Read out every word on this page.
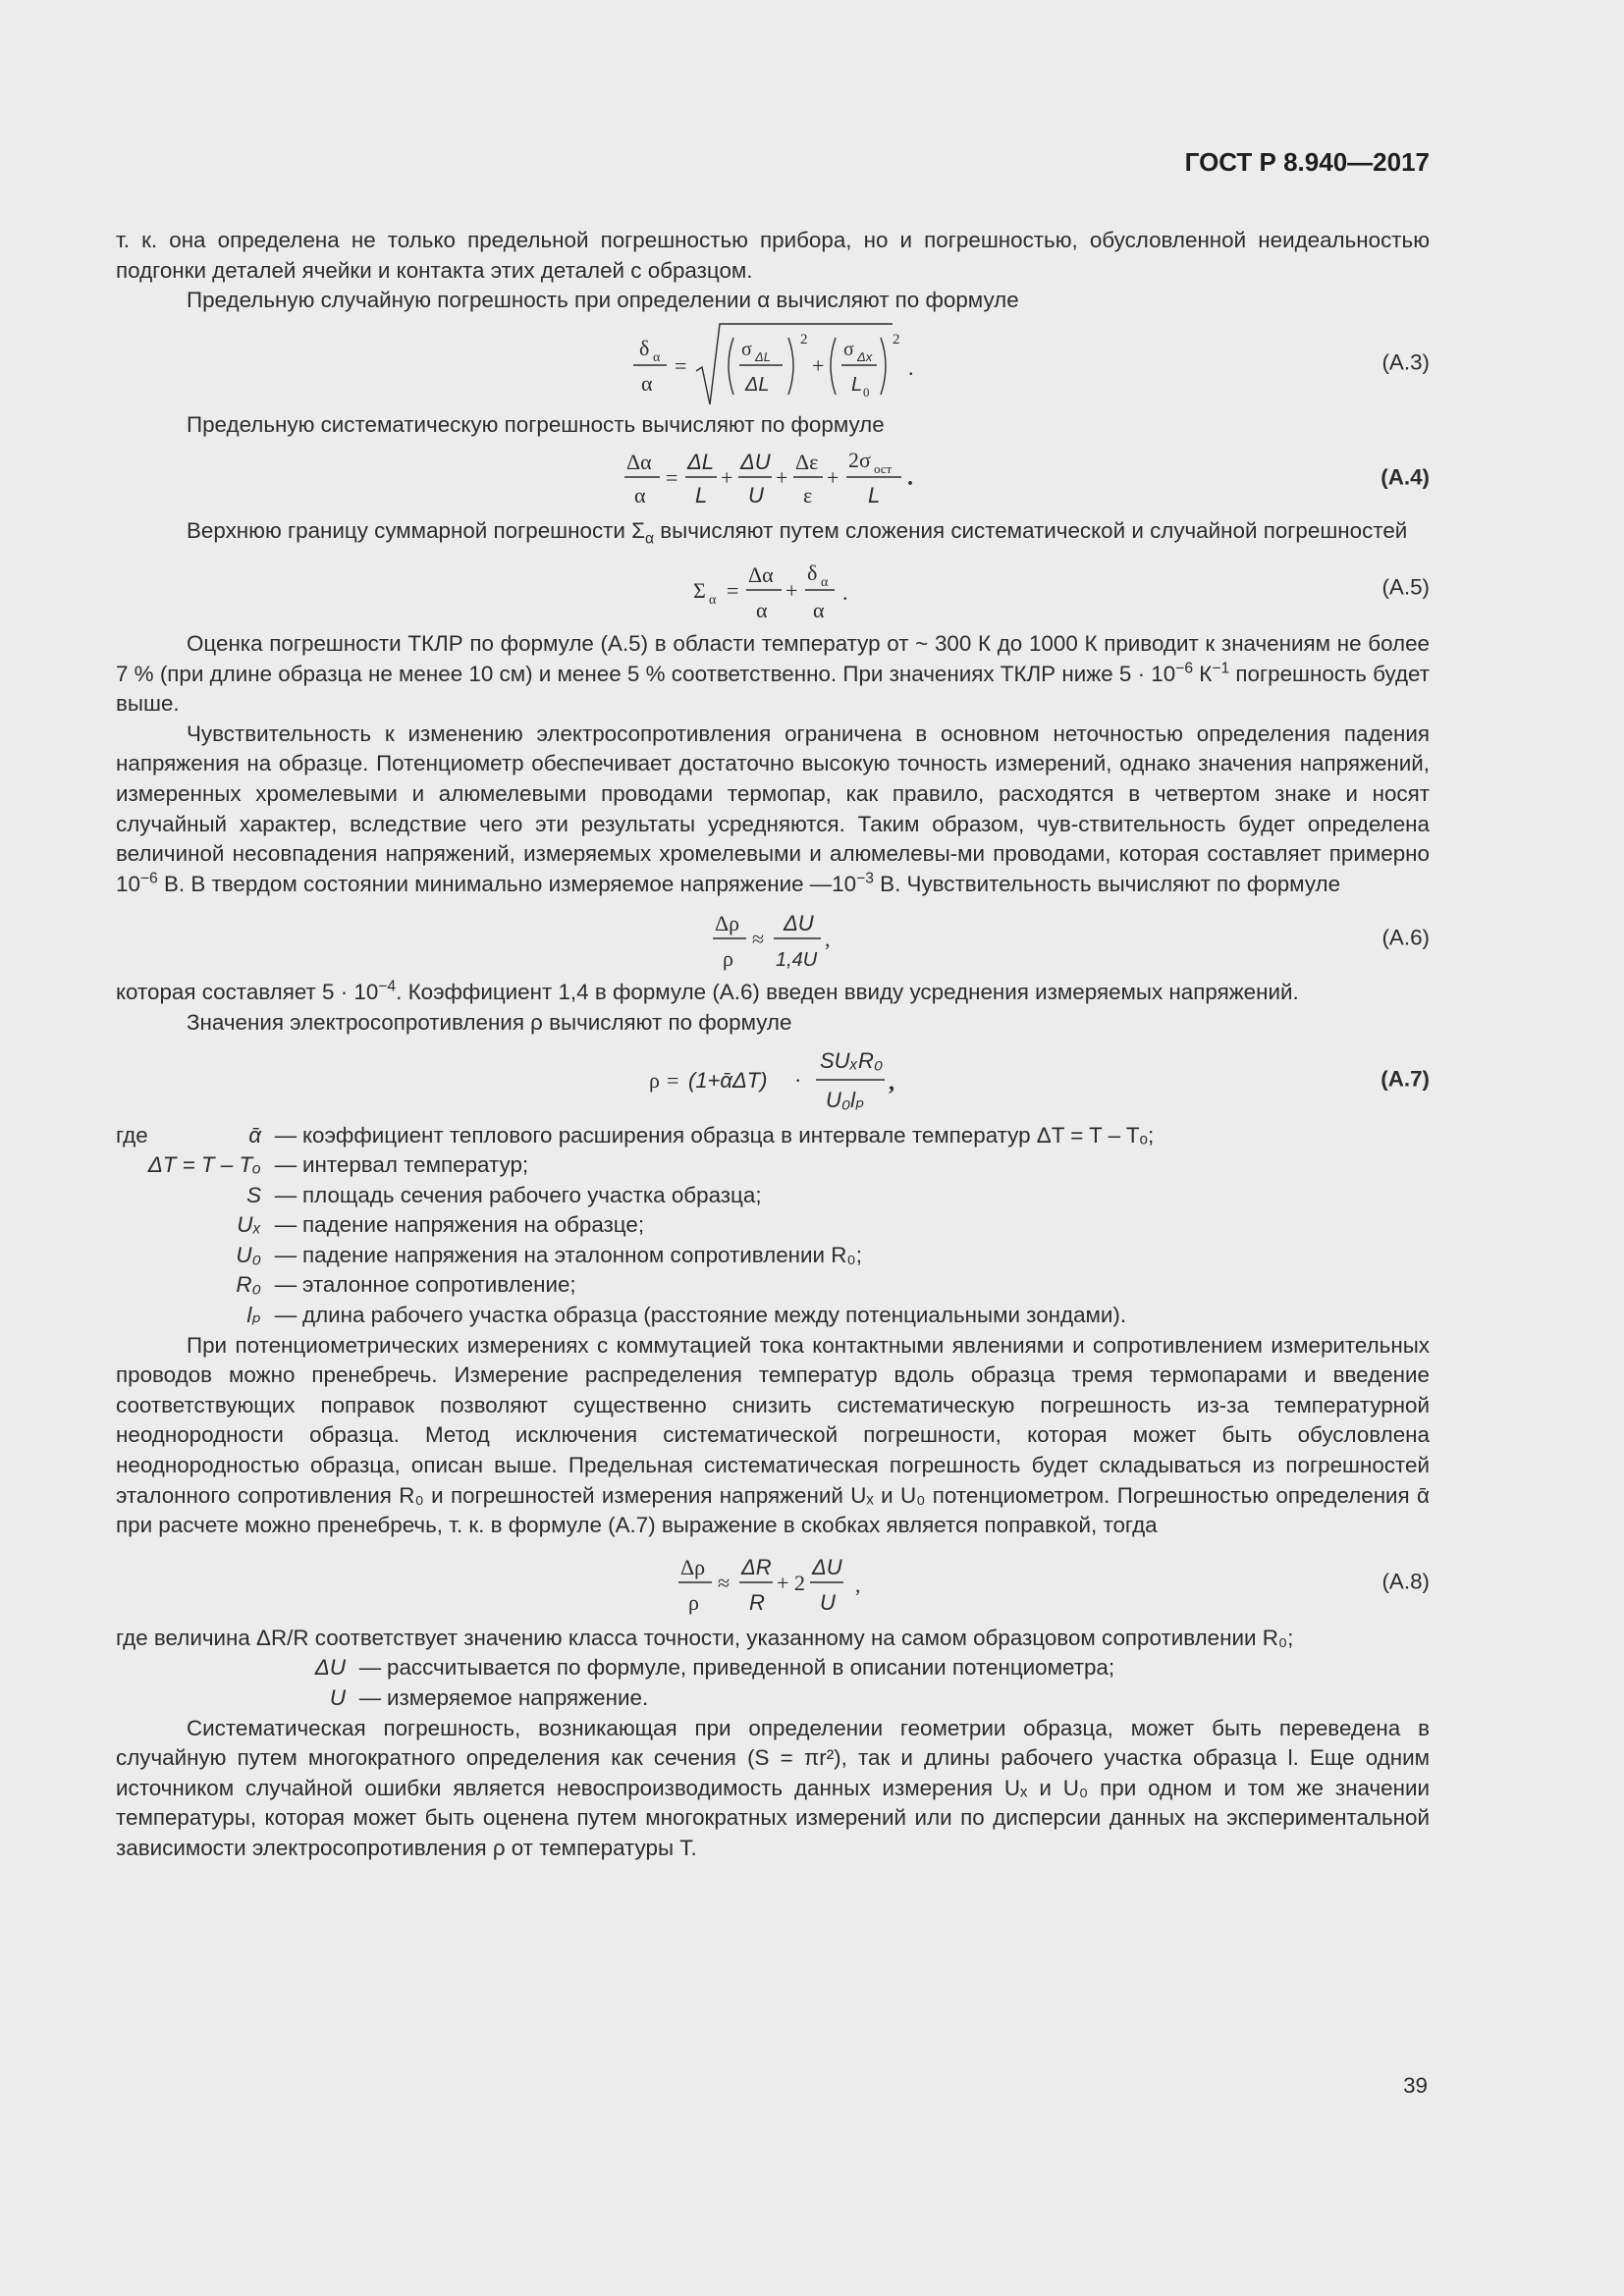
ГОСТ Р 8.940—2017

т. к. она определена не только предельной погрешностью прибора, но и погрешностью, обусловленной неидеальностью подгонки деталей ячейки и контакта этих деталей с образцом.

Предельную случайную погрешность при определении α вычисляют по формуле

δ α
α
=
σ ΔL
ΔL
2
+
σ Δx
L 0
2
.	(А.3)

Предельную систематическую погрешность вычисляют по формуле

Δα
α
=
ΔL
L
+
ΔU
U
+
Δε
ε
+
2σ ост
L
.	(А.4)

Верхнюю границу суммарной погрешности $\Sigma_\alpha$ вычисляют путем сложения систематической и случайной погрешностей

Σ α =
Δα
α
+
δ α
α
.	(А.5)

Оценка погрешности ТКЛР по формуле (А.5) в области температур от ~ 300 К до 1000 К приводит к значениям не более 7 % (при длине образца не менее 10 см) и менее 5 % соответственно. При значениях ТКЛР ниже $5 \cdot 10^{-6}$ $К^{-1}$ погрешность будет выше.

Чувствительность к изменению электросопротивления ограничена в основном неточностью определения падения напряжения на образце. Потенциометр обеспечивает достаточно высокую точность измерений, однако значения напряжений, измеренных хромелевыми и алюмелевыми проводами термопар, как правило, расходятся в четвертом знаке и носят случайный характер, вследствие чего эти результаты усредняются. Таким образом, чув-ствительность будет определена величиной несовпадения напряжений, измеряемых хромелевыми и алюмелевы-ми проводами, которая составляет примерно $10^{-6}$ В. В твердом состоянии минимально измеряемое напряжение $—10^{-3}$ В. Чувствительность вычисляют по формуле

Δρ
ρ
≈
ΔU
1,4U
,	(А.6)

которая составляет $5 \cdot 10^{-4}$. Коэффициент 1,4 в формуле (А.6) введен ввиду усреднения измеряемых напряжений.

Значения электросопротивления ρ вычисляют по формуле

ρ = (1+ᾱΔT) ·
SUₓR₀
U₀lₚ
,	(А.7)
где	ᾱ — коэффициент теплового расширения образца в интервале температур ΔT = T – Tₒ;
ΔT = T – Tₒ — интервал температур;
S — площадь сечения рабочего участка образца;
Uₓ — падение напряжения на образце;
U₀ — падение напряжения на эталонном сопротивлении R₀;
R₀ — эталонное сопротивление;
lₚ — длина рабочего участка образца (расстояние между потенциальными зондами).

При потенциометрических измерениях с коммутацией тока контактными явлениями и сопротивлением измерительных проводов можно пренебречь. Измерение распределения температур вдоль образца тремя термопарами и введение соответствующих поправок позволяют существенно снизить систематическую погрешность из-за температурной неоднородности образца. Метод исключения систематической погрешности, которая может быть обусловлена неоднородностью образца, описан выше. Предельная систематическая погрешность будет складываться из погрешностей эталонного сопротивления R₀ и погрешностей измерения напряжений Uₓ и U₀ потенциометром. Погрешностью определения ᾱ при расчете можно пренебречь, т. к. в формуле (А.7) выражение в скобках является поправкой, тогда

Δρ
ρ
≈
ΔR
R
+ 2
ΔU
U
,	(А.8)

где величина ΔR/R соответствует значению класса точности, указанному на самом образцовом сопротивлении R₀;

ΔU — рассчитывается по формуле, приведенной в описании потенциометра;
U — измеряемое напряжение.

Систематическая погрешность, возникающая при определении геометрии образца, может быть переведена в случайную путем многократного определения как сечения (S = πr²), так и длины рабочего участка образца l. Еще одним источником случайной ошибки является невоспроизводимость данных измерения Uₓ и U₀ при одном и том же значении температуры, которая может быть оценена путем многократных измерений или по дисперсии данных на экспериментальной зависимости электросопротивления ρ от температуры T.

39
